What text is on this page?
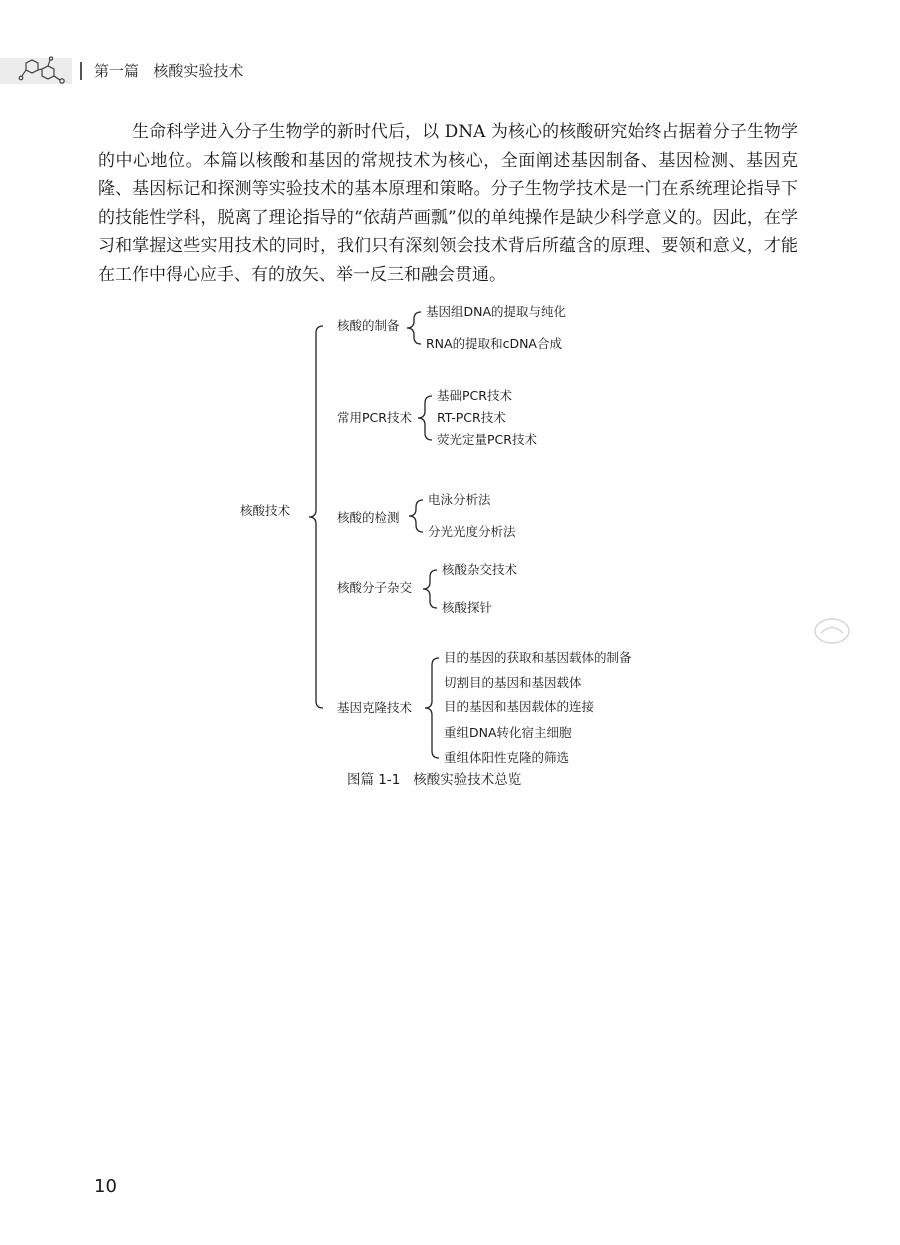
第一篇 核酸实验技术

生命科学进入分子生物学的新时代后，以 DNA 为核心的核酸研究始终占据着分子生物学的中心地位。本篇以核酸和基因的常规技术为核心，全面阐述基因制备、基因检测、基因克隆、基因标记和探测等实验技术的基本原理和策略。分子生物学技术是一门在系统理论指导下的技能性学科，脱离了理论指导的“依葫芦画瓢”似的单纯操作是缺少科学意义的。因此，在学习和掌握这些实用技术的同时，我们只有深刻领会技术背后所蕴含的原理、要领和意义，才能在工作中得心应手、有的放矢、举一反三和融会贯通。

核酸技术
核酸的制备
基因组DNA的提取与纯化
RNA的提取和cDNA合成
常用PCR技术
基础PCR技术
RT-PCR技术
荧光定量PCR技术
核酸的检测
电泳分析法
分光光度分析法
核酸分子杂交
核酸杂交技术
核酸探针
基因克隆技术
目的基因的获取和基因载体的制备
切割目的基因和基因载体
目的基因和基因载体的连接
重组DNA转化宿主细胞
重组体阳性克隆的筛选
图篇 1-1 核酸实验技术总览
10
